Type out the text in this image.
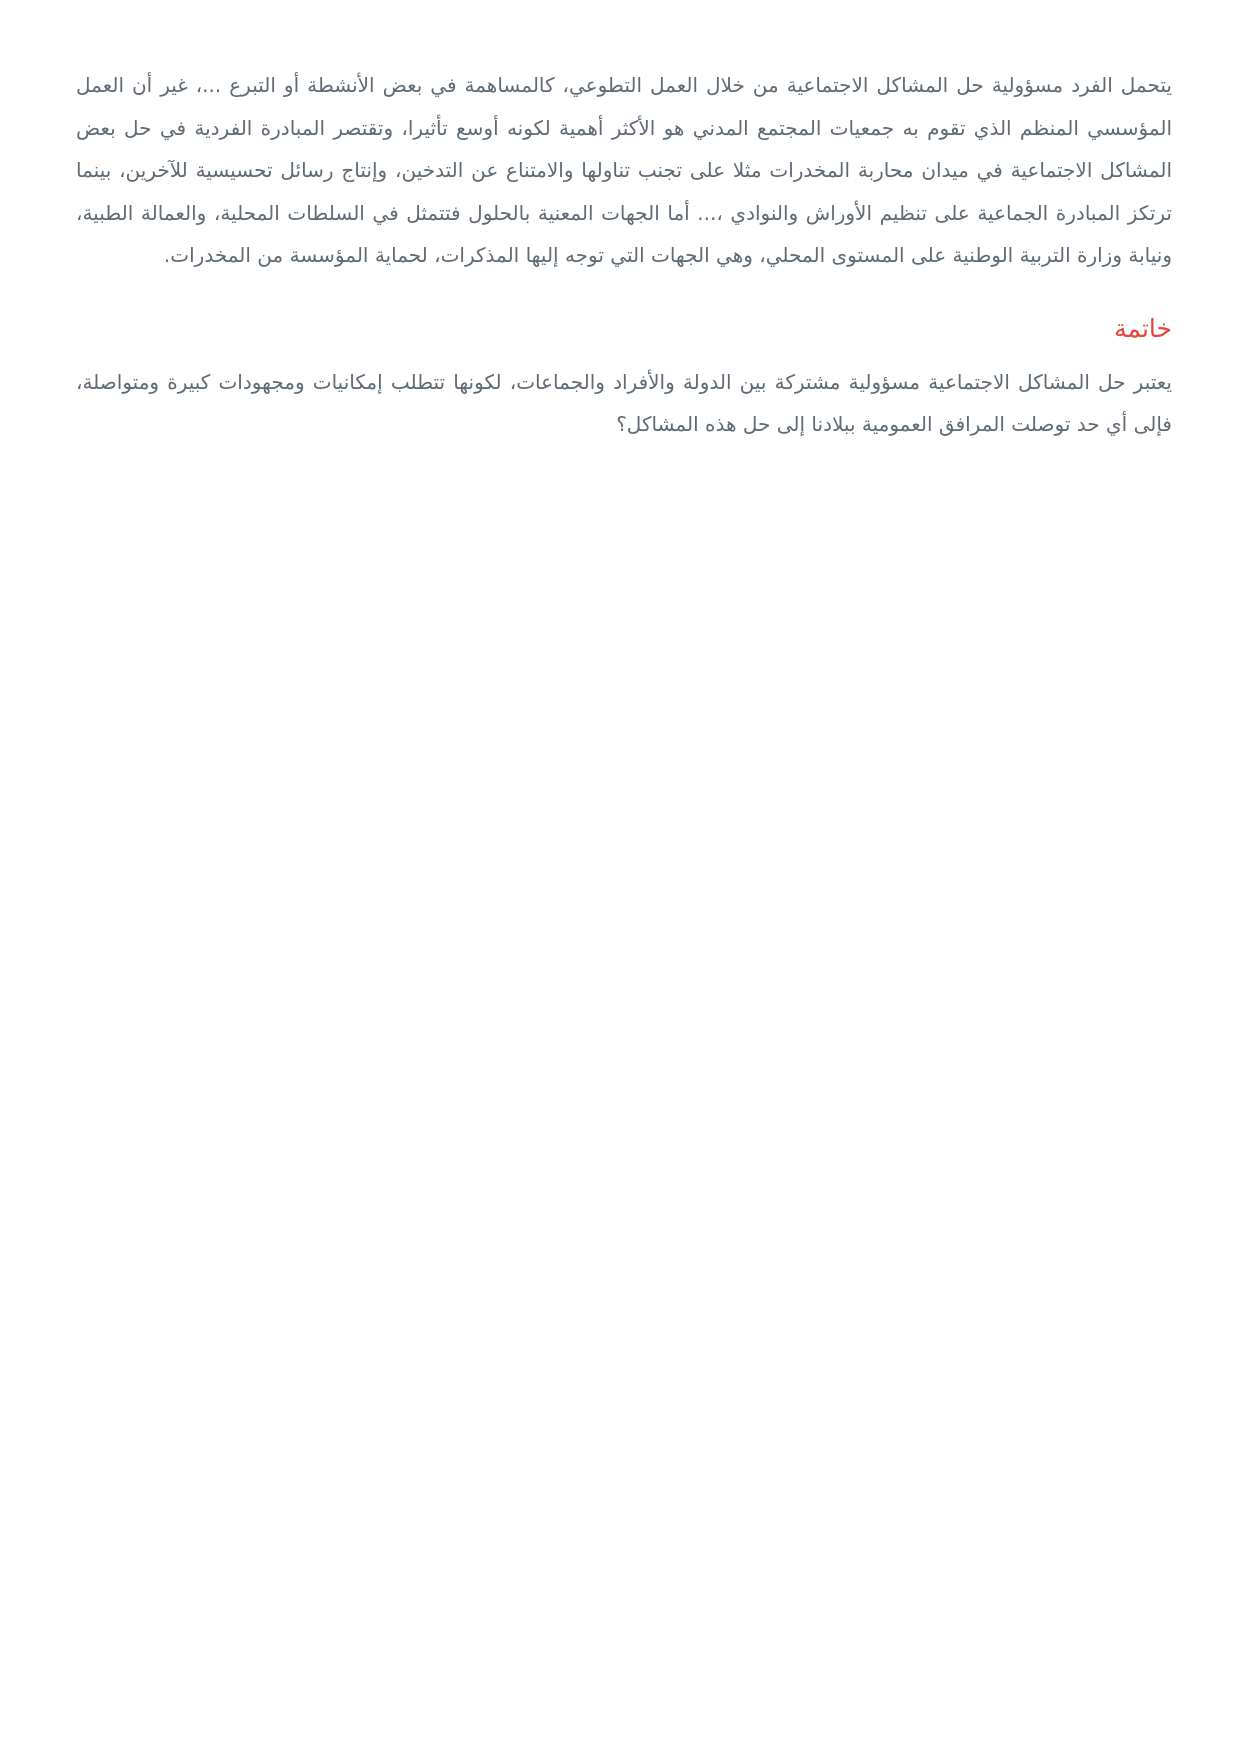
يتحمل الفرد مسؤولية حل المشاكل الاجتماعية من خلال العمل التطوعي، كالمساهمة في بعض الأنشطة أو التبرع ...، غير أن العمل المؤسسي المنظم الذي تقوم به جمعيات المجتمع المدني هو الأكثر أهمية لكونه أوسع تأثيرا، وتقتصر المبادرة الفردية في حل بعض المشاكل الاجتماعية في ميدان محاربة المخدرات مثلا على تجنب تناولها والامتناع عن التدخين، وإنتاج رسائل تحسيسية للآخرين، بينما ترتكز المبادرة الجماعية على تنظيم الأوراش والنوادي ،... أما الجهات المعنية بالحلول فتتمثل في السلطات المحلية، والعمالة الطبية، ونيابة وزارة التربية الوطنية على المستوى المحلي، وهي الجهات التي توجه إليها المذكرات، لحماية المؤسسة من المخدرات.

خاتمة

يعتبر حل المشاكل الاجتماعية مسؤولية مشتركة بين الدولة والأفراد والجماعات، لكونها تتطلب إمكانيات ومجهودات كبيرة ومتواصلة، فإلى أي حد توصلت المرافق العمومية ببلادنا إلى حل هذه المشاكل؟
